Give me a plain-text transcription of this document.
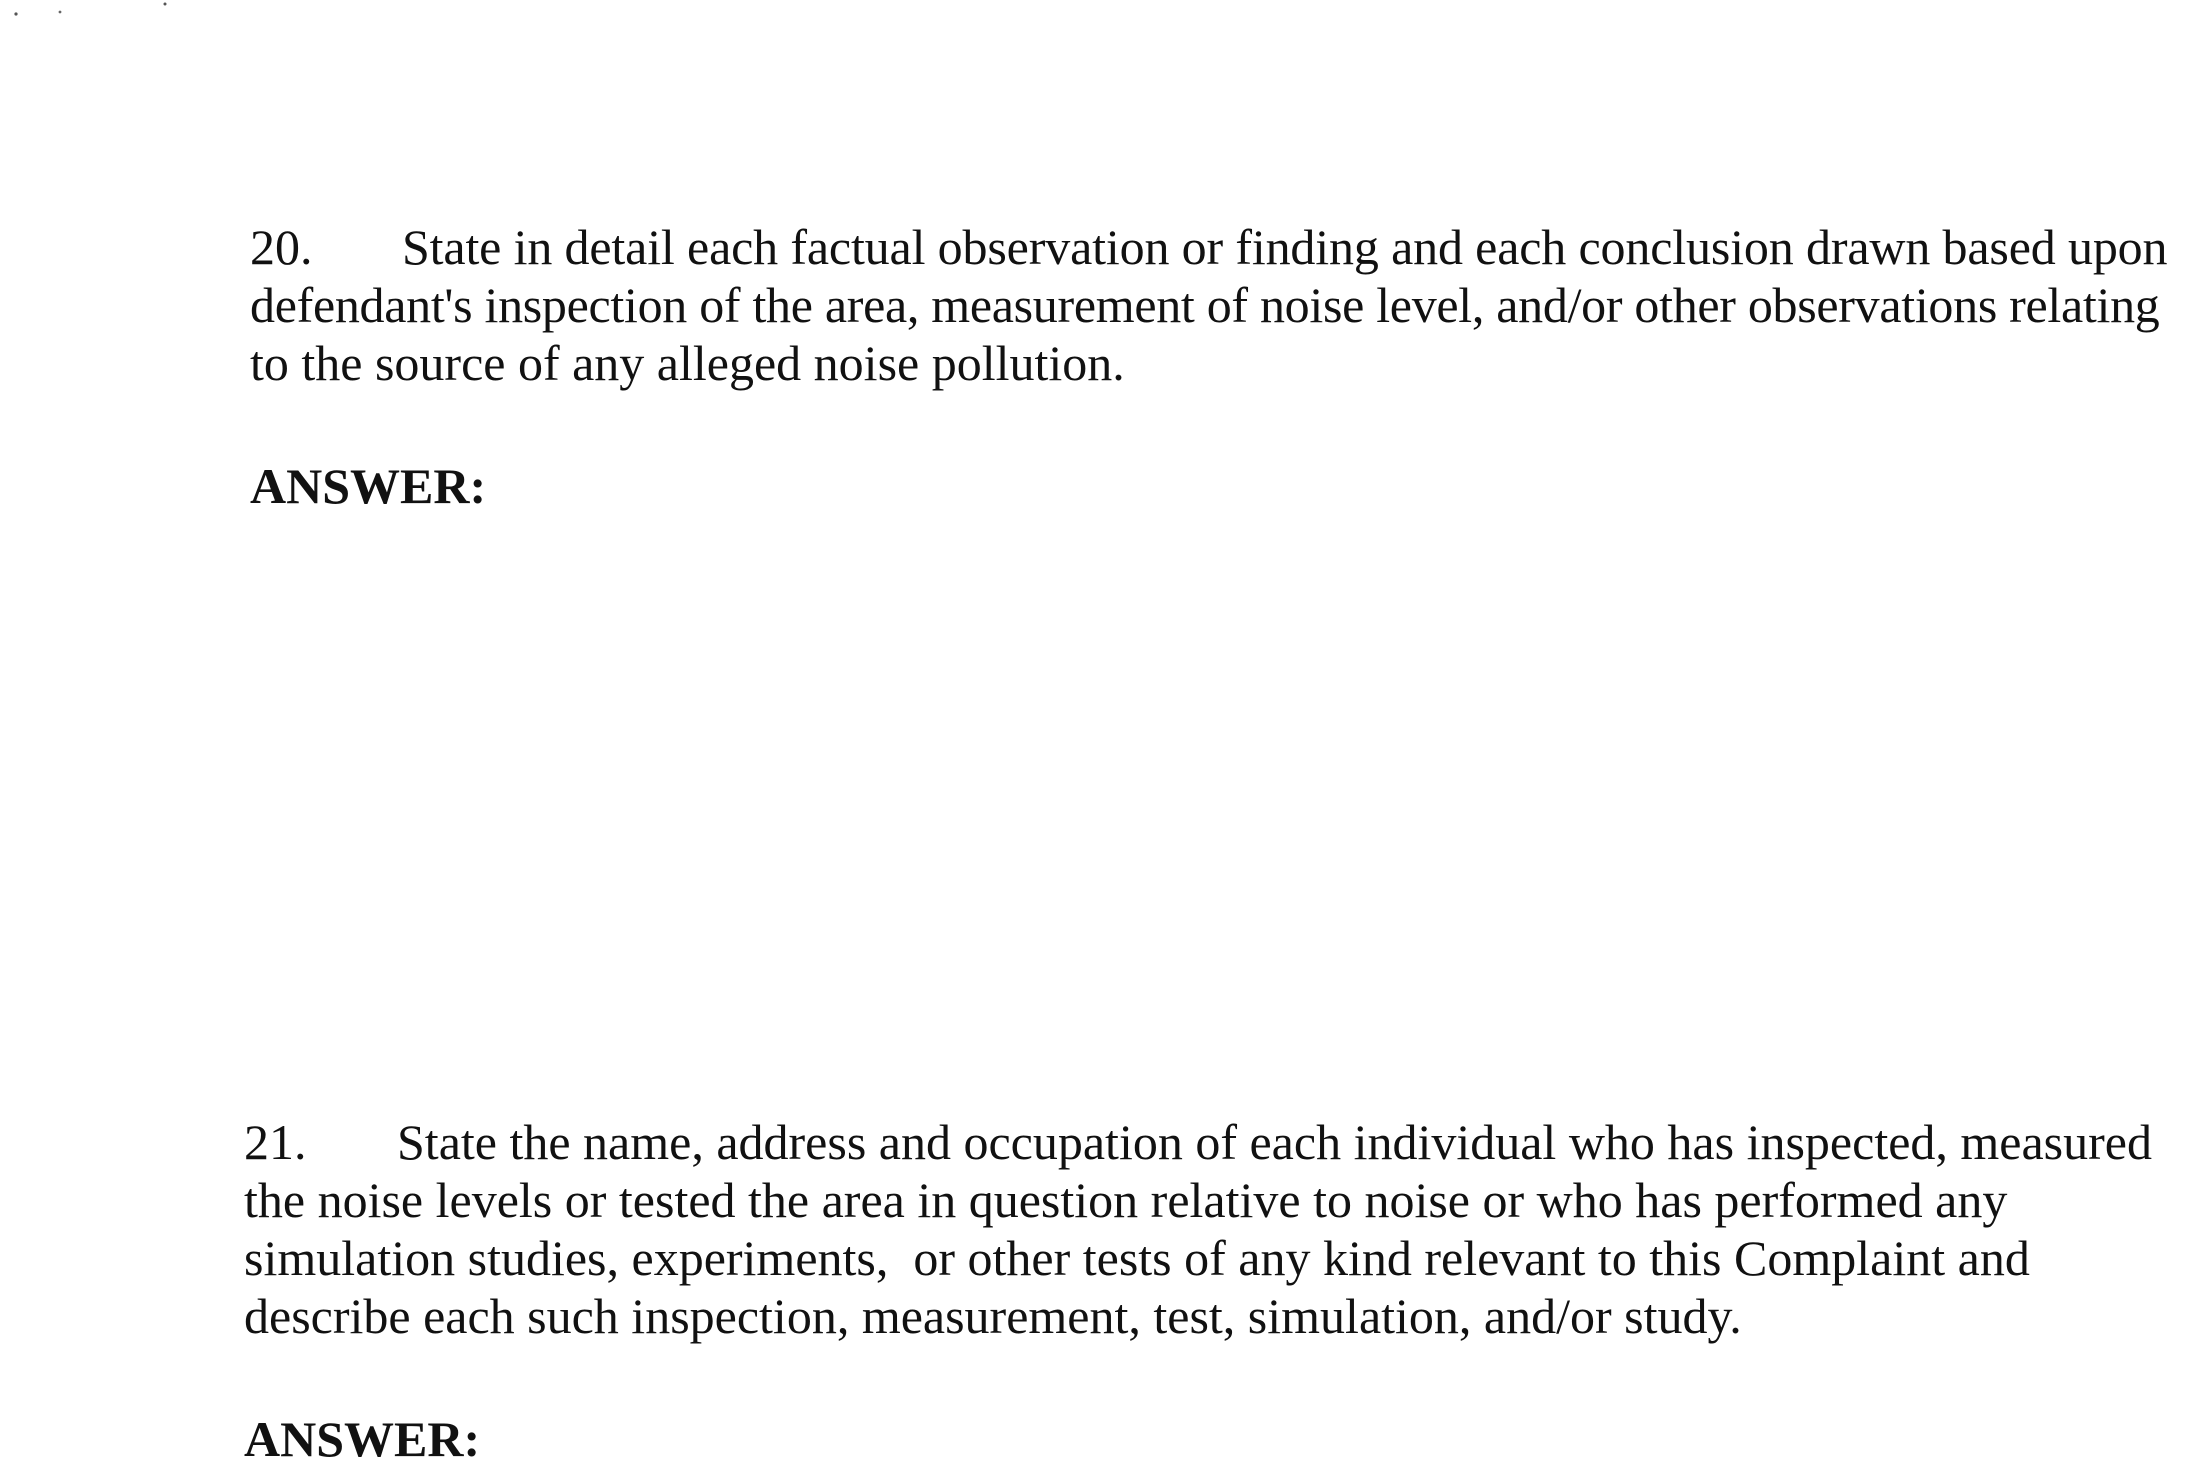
20. State in detail each factual observation or finding and each conclusion drawn based upon
defendant's inspection of the area, measurement of noise level, and/or other observations relating
to the source of any alleged noise pollution.
ANSWER:
21. State the name, address and occupation of each individual who has inspected, measured
the noise levels or tested the area in question relative to noise or who has performed any
simulation studies, experiments,  or other tests of any kind relevant to this Complaint and
describe each such inspection, measurement, test, simulation, and/or study.
ANSWER:
